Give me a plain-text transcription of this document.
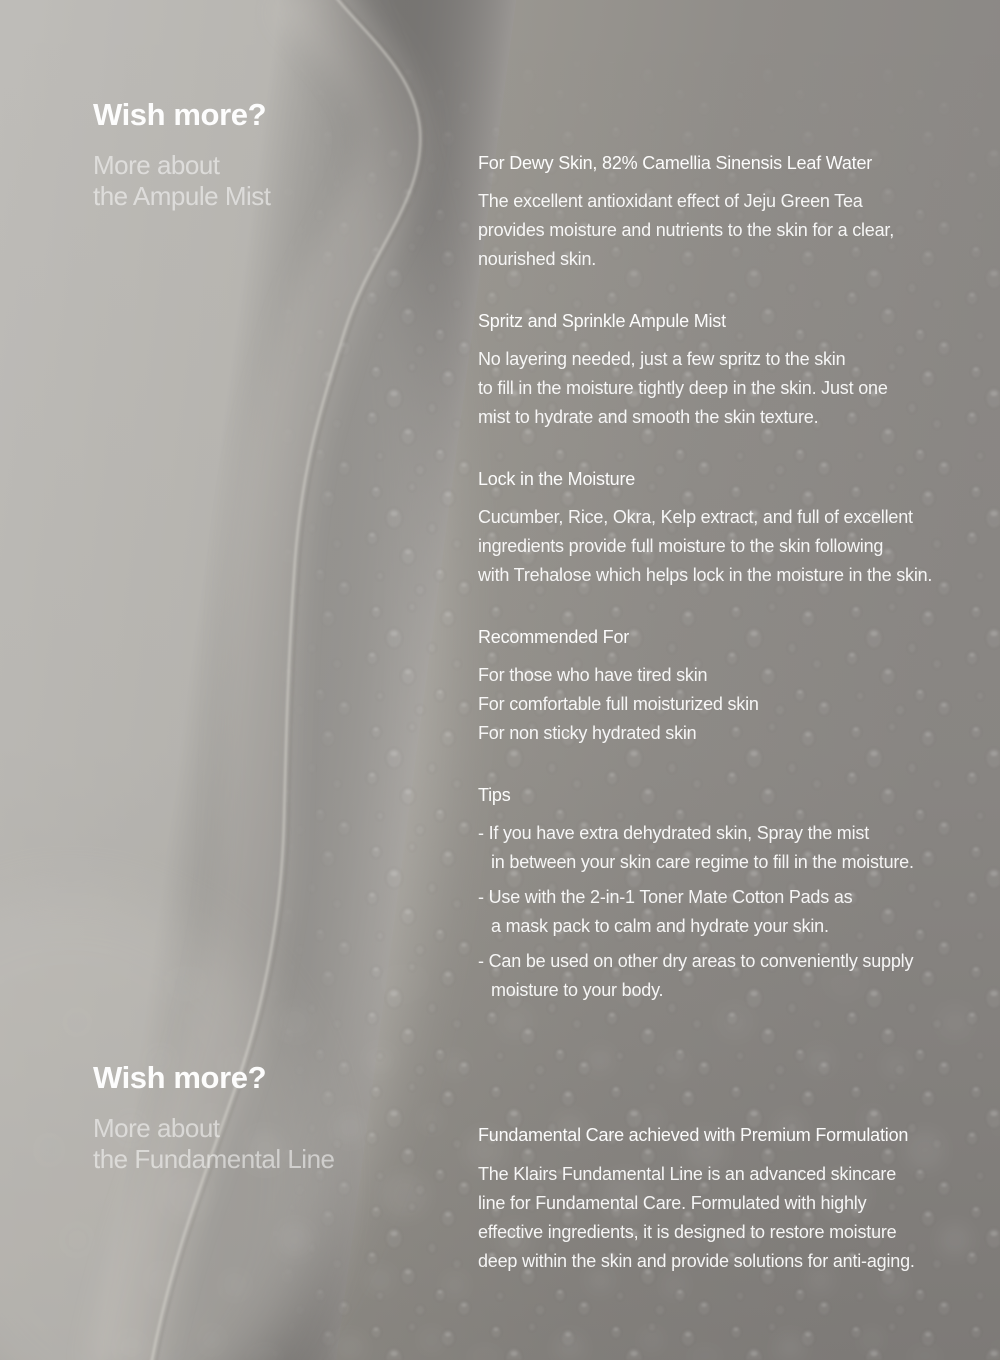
Wish more?
More about
the Ampule Mist
For Dewy Skin, 82% Camellia Sinensis Leaf Water

The excellent antioxidant effect of Jeju Green Tea
provides moisture and nutrients to the skin for a clear,
nourished skin.

Spritz and Sprinkle Ampule Mist

No layering needed, just a few spritz to the skin
to fill in the moisture tightly deep in the skin. Just one
mist to hydrate and smooth the skin texture.

Lock in the Moisture

Cucumber, Rice, Okra, Kelp extract, and full of excellent
ingredients provide full moisture to the skin following
with Trehalose which helps lock in the moisture in the skin.

Recommended For

For those who have tired skin
For comfortable full moisturized skin
For non sticky hydrated skin

Tips
- If you have extra dehydrated skin, Spray the mist
in between your skin care regime to fill in the moisture.
- Use with the 2-in-1 Toner Mate Cotton Pads as
a mask pack to calm and hydrate your skin.
- Can be used on other dry areas to conveniently supply
moisture to your body.
Wish more?
More about
the Fundamental Line
Fundamental Care achieved with Premium Formulation

The Klairs Fundamental Line is an advanced skincare
line for Fundamental Care. Formulated with highly
effective ingredients, it is designed to restore moisture
deep within the skin and provide solutions for anti-aging.
